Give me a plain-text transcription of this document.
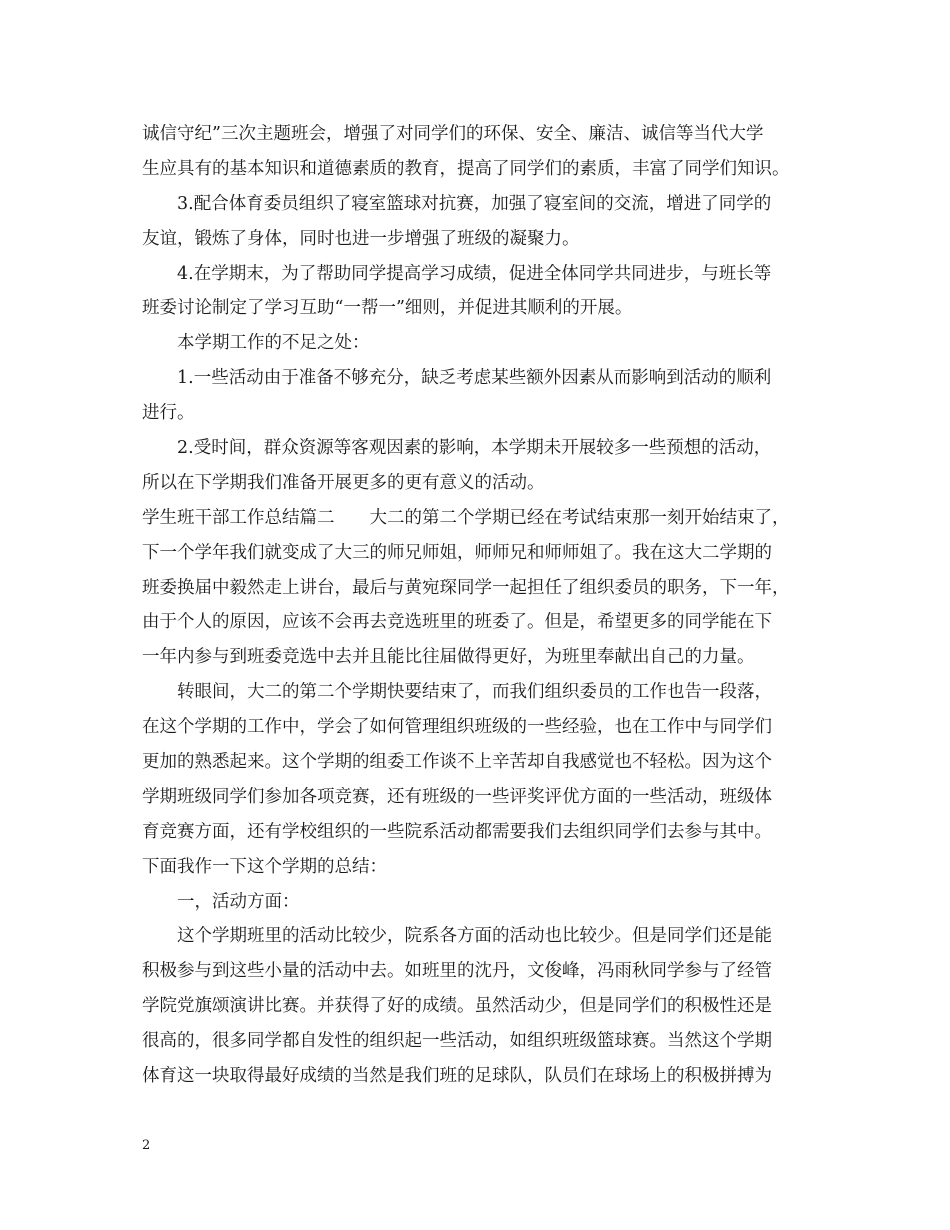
诚信守纪”三次主题班会，增强了对同学们的环保、安全、廉洁、诚信等当代大学
生应具有的基本知识和道德素质的教育，提高了同学们的素质，丰富了同学们知识。
3.配合体育委员组织了寝室篮球对抗赛，加强了寝室间的交流，增进了同学的
友谊，锻炼了身体，同时也进一步增强了班级的凝聚力。
4.在学期末，为了帮助同学提高学习成绩，促进全体同学共同进步，与班长等
班委讨论制定了学习互助“一帮一”细则，并促进其顺利的开展。
本学期工作的不足之处：
1.一些活动由于准备不够充分，缺乏考虑某些额外因素从而影响到活动的顺利
进行。
2.受时间，群众资源等客观因素的影响，本学期未开展较多一些预想的活动，
所以在下学期我们准备开展更多的更有意义的活动。
学生班干部工作总结篇二　　大二的第二个学期已经在考试结束那一刻开始结束了，
下一个学年我们就变成了大三的师兄师姐，师师兄和师师姐了。我在这大二学期的
班委换届中毅然走上讲台，最后与黄宛琛同学一起担任了组织委员的职务，下一年，
由于个人的原因，应该不会再去竞选班里的班委了。但是，希望更多的同学能在下
一年内参与到班委竞选中去并且能比往届做得更好，为班里奉献出自己的力量。
转眼间，大二的第二个学期快要结束了，而我们组织委员的工作也告一段落，
在这个学期的工作中，学会了如何管理组织班级的一些经验，也在工作中与同学们
更加的熟悉起来。这个学期的组委工作谈不上辛苦却自我感觉也不轻松。因为这个
学期班级同学们参加各项竞赛，还有班级的一些评奖评优方面的一些活动，班级体
育竞赛方面，还有学校组织的一些院系活动都需要我们去组织同学们去参与其中。
下面我作一下这个学期的总结：
一，活动方面：
这个学期班里的活动比较少，院系各方面的活动也比较少。但是同学们还是能
积极参与到这些小量的活动中去。如班里的沈丹，文俊峰，冯雨秋同学参与了经管
学院党旗颂演讲比赛。并获得了好的成绩。虽然活动少，但是同学们的积极性还是
很高的，很多同学都自发性的组织起一些活动，如组织班级篮球赛。当然这个学期
体育这一块取得最好成绩的当然是我们班的足球队，队员们在球场上的积极拼搏为
2
